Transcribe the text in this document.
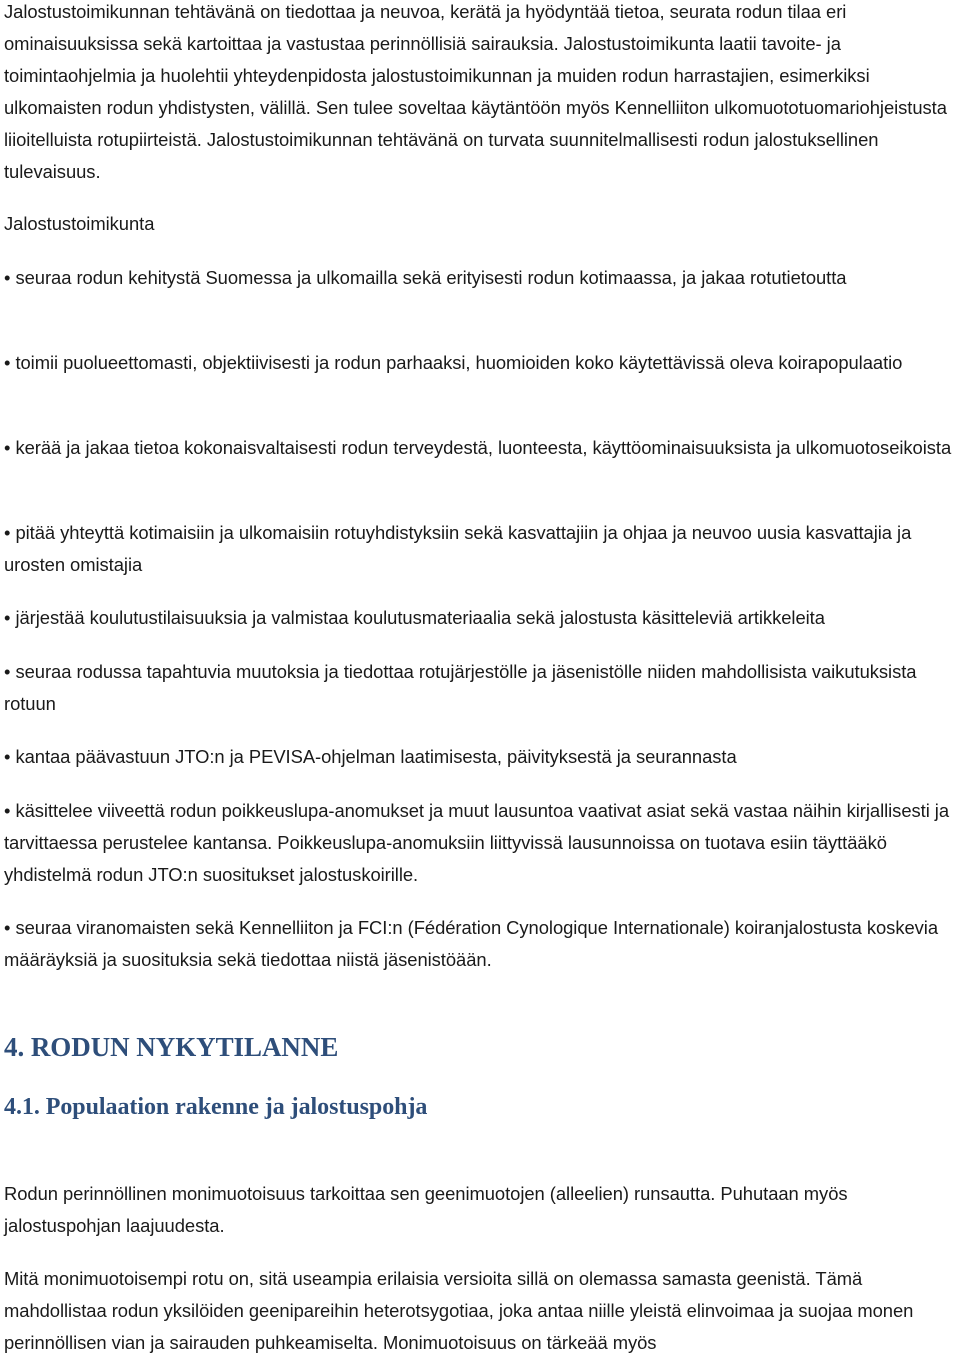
Jalostustoimikunnan tehtävänä on tiedottaa ja neuvoa, kerätä ja hyödyntää tietoa, seurata rodun tilaa eri ominaisuuksissa sekä kartoittaa ja vastustaa perinnöllisiä sairauksia. Jalostustoimikunta laatii tavoite- ja toimintaohjelmia ja huolehtii yhteydenpidosta jalostustoimikunnan ja muiden rodun harrastajien, esimerkiksi ulkomaisten rodun yhdistysten, välillä. Sen tulee soveltaa käytäntöön myös Kennelliiton ulkomuototuomariohjeistusta liioitelluista rotupiirteistä. Jalostustoimikunnan tehtävänä on turvata suunnitelmallisesti rodun jalostuksellinen tulevaisuus.

Jalostustoimikunta

• seuraa rodun kehitystä Suomessa ja ulkomailla sekä erityisesti rodun kotimaassa, ja jakaa rotutietoutta

• toimii puolueettomasti, objektiivisesti ja rodun parhaaksi, huomioiden koko käytettävissä oleva koirapopulaatio

• kerää ja jakaa tietoa kokonaisvaltaisesti rodun terveydestä, luonteesta, käyttöominaisuuksista ja ulkomuotoseikoista

• pitää yhteyttä kotimaisiin ja ulkomaisiin rotuyhdistyksiin sekä kasvattajiin ja ohjaa ja neuvoo uusia kasvattajia ja urosten omistajia

• järjestää koulutustilaisuuksia ja valmistaa koulutusmateriaalia sekä jalostusta käsitteleviä artikkeleita

• seuraa rodussa tapahtuvia muutoksia ja tiedottaa rotujärjestölle ja jäsenistölle niiden mahdollisista vaikutuksista rotuun

• kantaa päävastuun JTO:n ja PEVISA-ohjelman laatimisesta, päivityksestä ja seurannasta

• käsittelee viiveettä rodun poikkeuslupa-anomukset ja muut lausuntoa vaativat asiat sekä vastaa näihin kirjallisesti ja tarvittaessa perustelee kantansa. Poikkeuslupa-anomuksiin liittyvissä lausunnoissa on tuotava esiin täyttääkö yhdistelmä rodun JTO:n suositukset jalostuskoirille.

• seuraa viranomaisten sekä Kennelliiton ja FCI:n (Fédération Cynologique Internationale) koiranjalostusta koskevia määräyksiä ja suosituksia sekä tiedottaa niistä jäsenistöään.

4. RODUN NYKYTILANNE
4.1. Populaation rakenne ja jalostuspohja

Rodun perinnöllinen monimuotoisuus tarkoittaa sen geenimuotojen (alleelien) runsautta. Puhutaan myös jalostuspohjan laajuudesta.

Mitä monimuotoisempi rotu on, sitä useampia erilaisia versioita sillä on olemassa samasta geenistä. Tämä mahdollistaa rodun yksilöiden geenipareihin heterotsygotiaa, joka antaa niille yleistä elinvoimaa ja suojaa monen perinnöllisen vian ja sairauden puhkeamiselta. Monimuotoisuus on tärkeää myös
